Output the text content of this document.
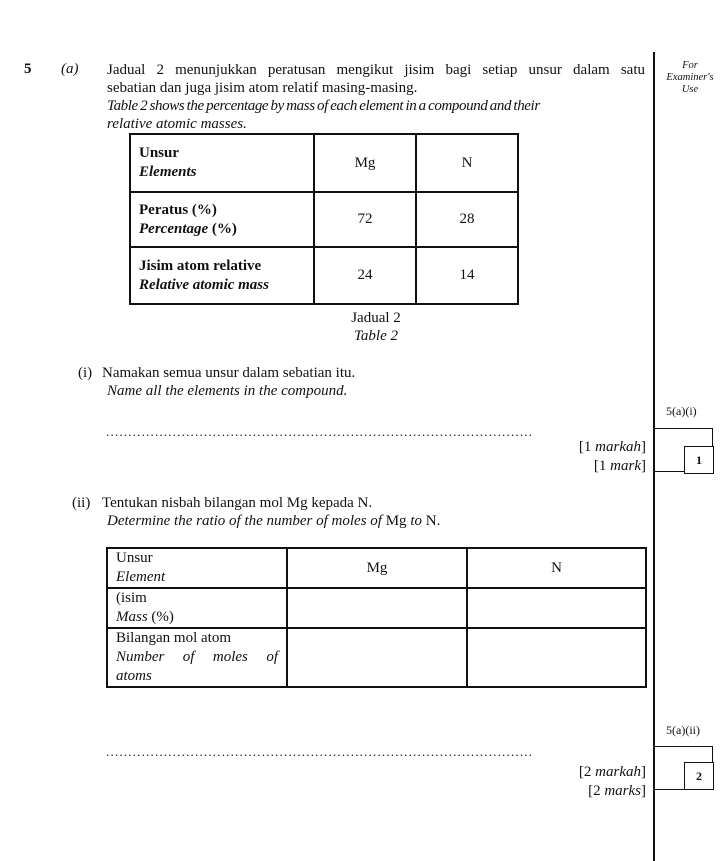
5 (a) Jadual 2 menunjukkan peratusan mengikut jisim bagi setiap unsur dalam satu
sebatian dan juga jisim atom relatif masing-masing.
Table 2 shows the percentage by mass of each element in a compound and their
relative atomic masses.
Unsur
Elements	Mg	N

Peratus (%)
Percentage (%)	72	28

Jisim atom relative
Relative atomic mass	24	14
Jadual 2
Table 2
(i) Namakan semua unsur dalam sebatian itu.
Name all the elements in the compound.
................................................................................................
[1 markah]
[1 mark]
(ii) Tentukan nisbah bilangan mol Mg kepada N.
Determine the ratio of the number of moles of Mg to N.
Unsur
Element	Mg	N

(isim
Mass (%)		

Bilangan mol atom
Number of moles of
atoms		

................................................................................................
[2 markah]
[2 marks]
For
Examiner's
Use
5(a)(i)
1
5(a)(ii)
2
